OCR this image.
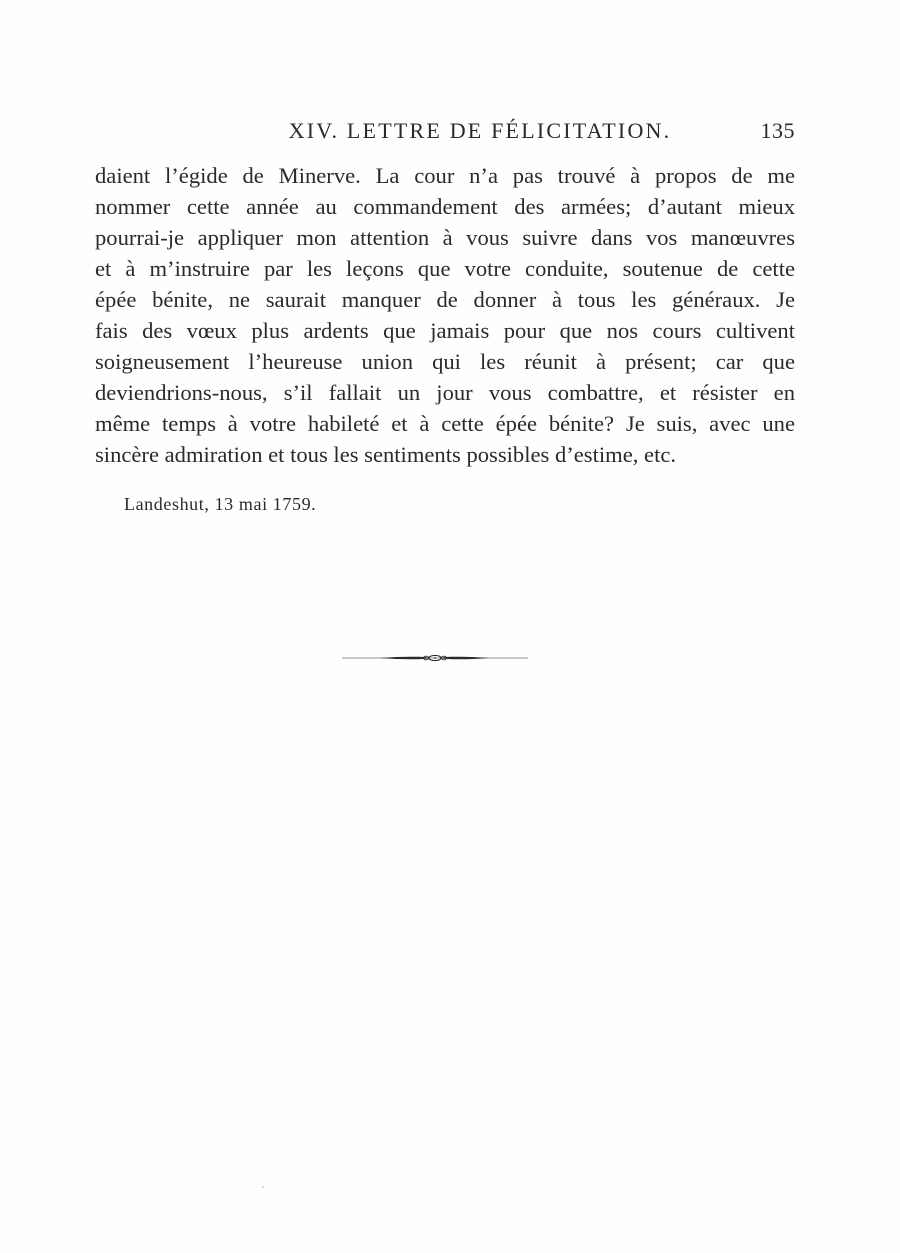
XIV. LETTRE DE FÉLICITATION.	135
daient l’égide de Minerve. La cour n’a pas trouvé à propos de me
nommer cette année au commandement des armées; d’autant mieux
pourrai-je appliquer mon attention à vous suivre dans vos manœuvres
et à m’instruire par les leçons que votre conduite, soutenue de cette
épée bénite, ne saurait manquer de donner à tous les généraux. Je
fais des vœux plus ardents que jamais pour que nos cours cultivent
soigneusement l’heureuse union qui les réunit à présent; car que
deviendrions-nous, s’il fallait un jour vous combattre, et résister en
même temps à votre habileté et à cette épée bénite? Je suis, avec une
sincère admiration et tous les sentiments possibles d’estime, etc.
Landeshut, 13 mai 1759.
